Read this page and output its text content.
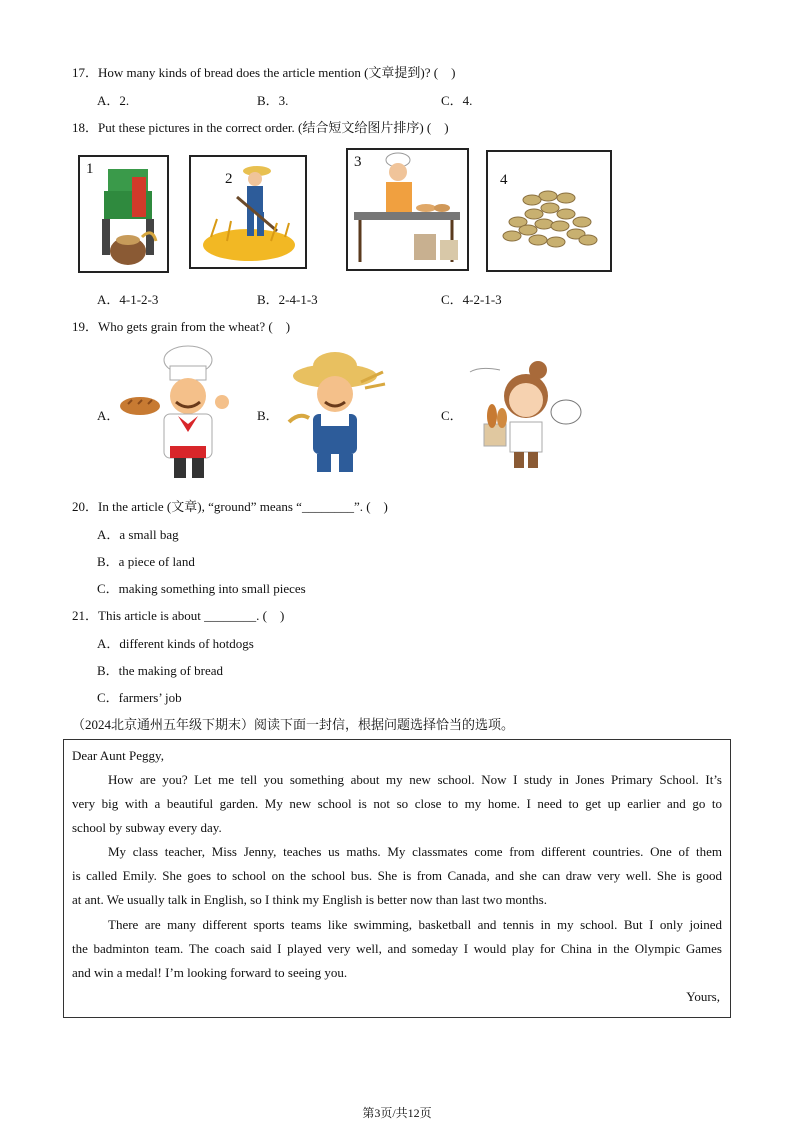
17．How many kinds of bread does the article mention (文章提到)? (　)
A．2.	B．3.	C．4.
18．Put these pictures in the correct order. (结合短文给图片排序) (　)
1
2
3
4
A．4-1-2-3	B．2-4-1-3	C．4-2-1-3
19．Who gets grain from the wheat? (　)
A．	B．	C．
20．In the article (文章), “ground” means “________”. (　)
A．a small bag
B．a piece of land
C．making something into small pieces
21．This article is about ________. (　)
A．different kinds of hotdogs
B．the making of bread
C．farmers’ job
（2024北京通州五年级下期末）阅读下面一封信，根据问题选择恰当的选项。
Dear Aunt Peggy,
How are you? Let me tell you something about my new school. Now I study in Jones Primary School. It’s
very big with a beautiful garden. My new school is not so close to my home. I need to get up earlier and go to
school by subway every day.
My class teacher, Miss Jenny, teaches us maths. My classmates come from different countries. One of them
is called Emily. She goes to school on the school bus. She is from Canada, and she can draw very well. She is good
at ant. We usually talk in English, so I think my English is better now than last two months.
There are many different sports teams like swimming, basketball and tennis in my school. But I only joined
the badminton team. The coach said I played very well, and someday I would play for China in the Olympic Games
and win a medal! I’m looking forward to seeing you.
Yours,
第3页/共12页
